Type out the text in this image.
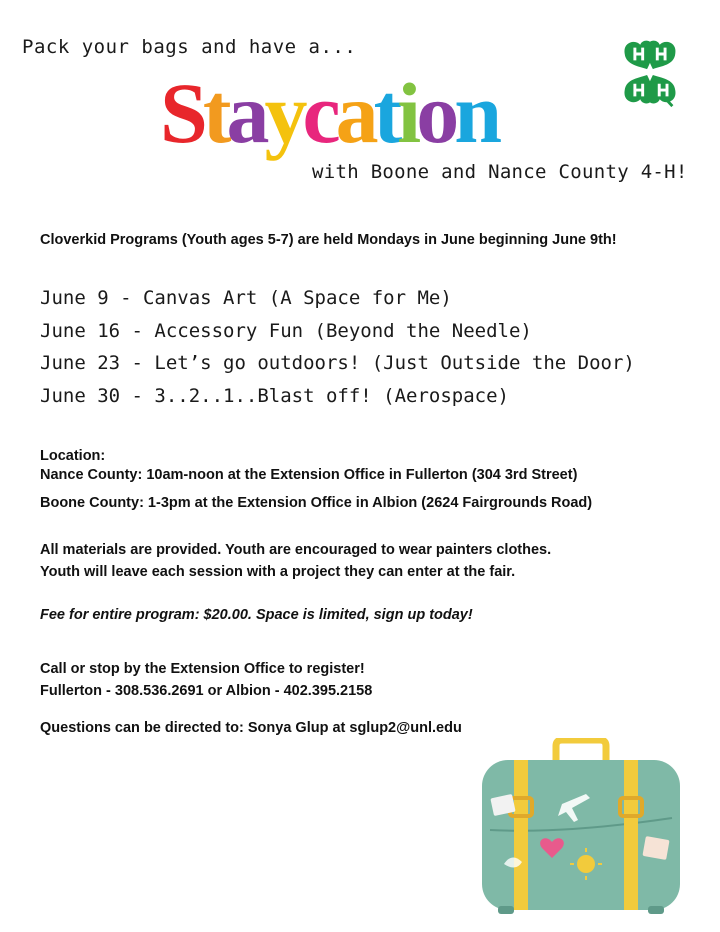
Pack your bags and have a...
Staycation
with Boone and Nance County 4-H!
Cloverkid Programs (Youth ages 5-7) are held Mondays in June beginning June 9th!
June 9 - Canvas Art (A Space for Me)
June 16 - Accessory Fun (Beyond the Needle)
June 23 - Let’s go outdoors! (Just Outside the Door)
June 30 - 3..2..1..Blast off! (Aerospace)
Location:
Nance County: 10am-noon at the Extension Office in Fullerton (304 3rd Street)
Boone County: 1-3pm at the Extension Office in Albion (2624 Fairgrounds Road)
All materials are provided. Youth are encouraged to wear painters clothes.
Youth will leave each session with a project they can enter at the fair.
Fee for entire program: $20.00. Space is limited, sign up today!
Call or stop by the Extension Office to register!
Fullerton - 308.536.2691 or Albion - 402.395.2158
Questions can be directed to: Sonya Glup at sglup2@unl.edu
